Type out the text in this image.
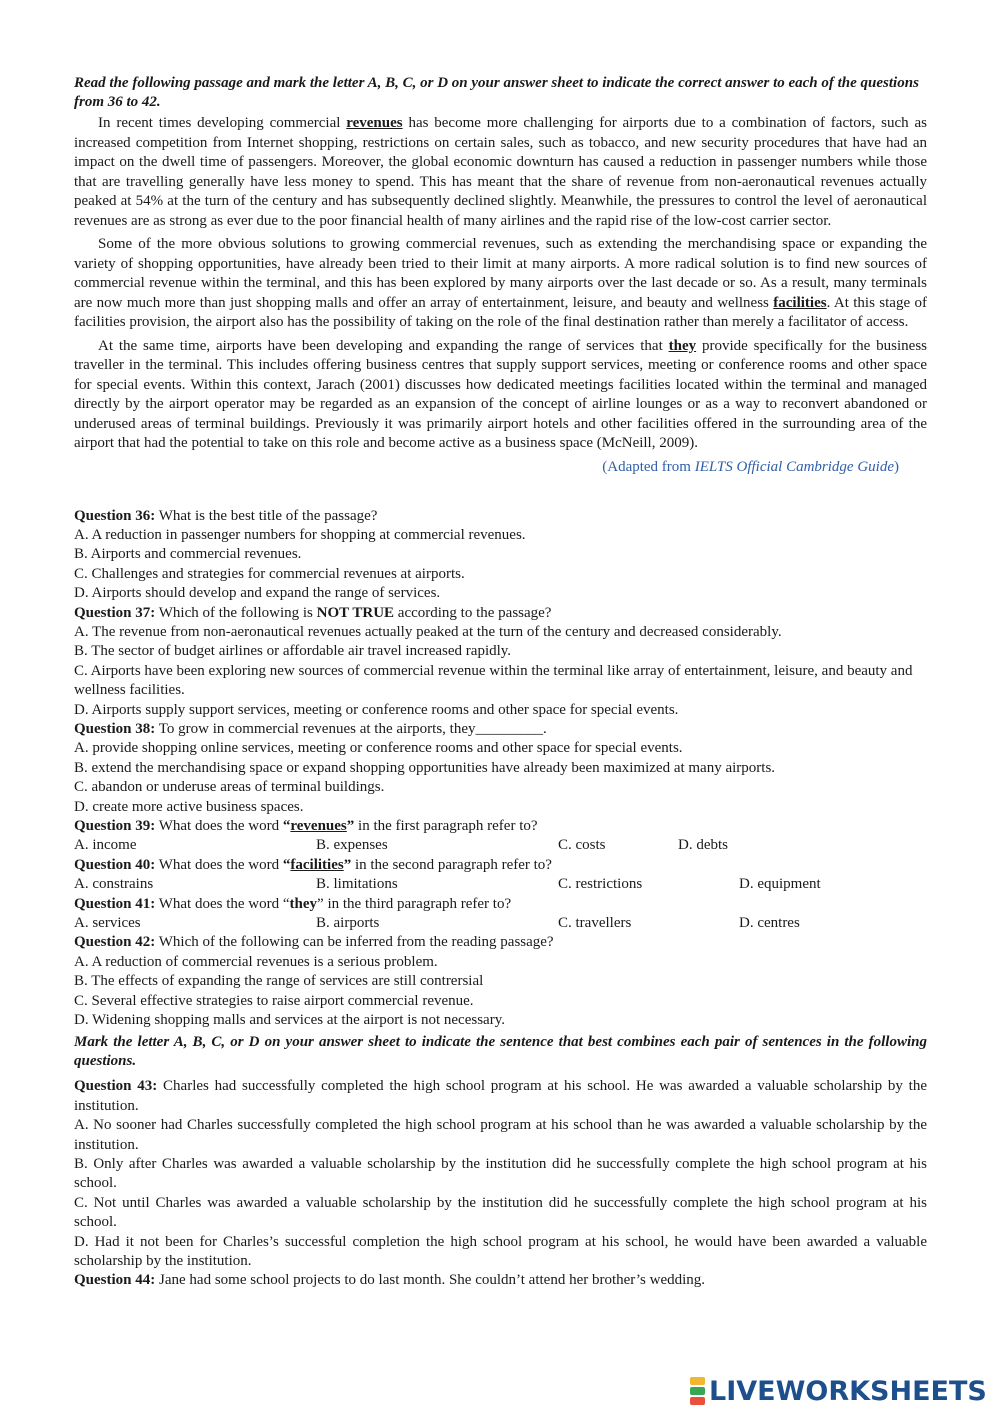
Read the following passage and mark the letter A, B, C, or D on your answer sheet to indicate the correct answer to each of the questions from 36 to 42.

In recent times developing commercial revenues has become more challenging for airports due to a combination of factors, such as increased competition from Internet shopping, restrictions on certain sales, such as tobacco, and new security procedures that have had an impact on the dwell time of passengers. Moreover, the global economic downturn has caused a reduction in passenger numbers while those that are travelling generally have less money to spend. This has meant that the share of revenue from non-aeronautical revenues actually peaked at 54% at the turn of the century and has subsequently declined slightly. Meanwhile, the pressures to control the level of aeronautical revenues are as strong as ever due to the poor financial health of many airlines and the rapid rise of the low-cost carrier sector.

Some of the more obvious solutions to growing commercial revenues, such as extending the merchandising space or expanding the variety of shopping opportunities, have already been tried to their limit at many airports. A more radical solution is to find new sources of commercial revenue within the terminal, and this has been explored by many airports over the last decade or so. As a result, many terminals are now much more than just shopping malls and offer an array of entertainment, leisure, and beauty and wellness facilities. At this stage of facilities provision, the airport also has the possibility of taking on the role of the final destination rather than merely a facilitator of access.

At the same time, airports have been developing and expanding the range of services that they provide specifically for the business traveller in the terminal. This includes offering business centres that supply support services, meeting or conference rooms and other space for special events. Within this context, Jarach (2001) discusses how dedicated meetings facilities located within the terminal and managed directly by the airport operator may be regarded as an expansion of the concept of airline lounges or as a way to reconvert abandoned or underused areas of terminal buildings. Previously it was primarily airport hotels and other facilities offered in the surrounding area of the airport that had the potential to take on this role and become active as a business space (McNeill, 2009).

(Adapted from IELTS Official Cambridge Guide)

Question 36: What is the best title of the passage?

A. A reduction in passenger numbers for shopping at commercial revenues.

B. Airports and commercial revenues.

C. Challenges and strategies for commercial revenues at airports.

D. Airports should develop and expand the range of services.

Question 37: Which of the following is NOT TRUE according to the passage?

A. The revenue from non-aeronautical revenues actually peaked at the turn of the century and decreased considerably.

B. The sector of budget airlines or affordable air travel increased rapidly.

C. Airports have been exploring new sources of commercial revenue within the terminal like array of entertainment, leisure, and beauty and wellness facilities.

D. Airports supply support services, meeting or conference rooms and other space for special events.

Question 38: To grow in commercial revenues at the airports, they_________.

A. provide shopping online services, meeting or conference rooms and other space for special events.

B. extend the merchandising space or expand shopping opportunities have already been maximized at many airports.

C. abandon or underuse areas of terminal buildings.

D. create more active business spaces.

Question 39: What does the word “revenues” in the first paragraph refer to?

A. income	B. expenses	C. costs	D. debts

Question 40: What does the word “facilities” in the second paragraph refer to?

A. constrains	B. limitations	C. restrictions	D. equipment

Question 41: What does the word “they” in the third paragraph refer to?

A. services	B. airports	C. travellers	D. centres

Question 42: Which of the following can be inferred from the reading passage?

A. A reduction of commercial revenues is a serious problem.

B. The effects of expanding the range of services are still contrersial

C. Several effective strategies to raise airport commercial revenue.

D. Widening shopping malls and services at the airport is not necessary.

Mark the letter A, B, C, or D on your answer sheet to indicate the sentence that best combines each pair of sentences in the following questions.

Question 43: Charles had successfully completed the high school program at his school. He was awarded a valuable scholarship by the institution.

A. No sooner had Charles successfully completed the high school program at his school than he was awarded a valuable scholarship by the institution.

B. Only after Charles was awarded a valuable scholarship by the institution did he successfully complete the high school program at his school.

C. Not until Charles was awarded a valuable scholarship by the institution did he successfully complete the high school program at his school.

D. Had it not been for Charles’s successful completion the high school program at his school, he would have been awarded a valuable scholarship by the institution.

Question 44: Jane had some school projects to do last month. She couldn’t attend her brother’s wedding.

LIVEWORKSHEETS
